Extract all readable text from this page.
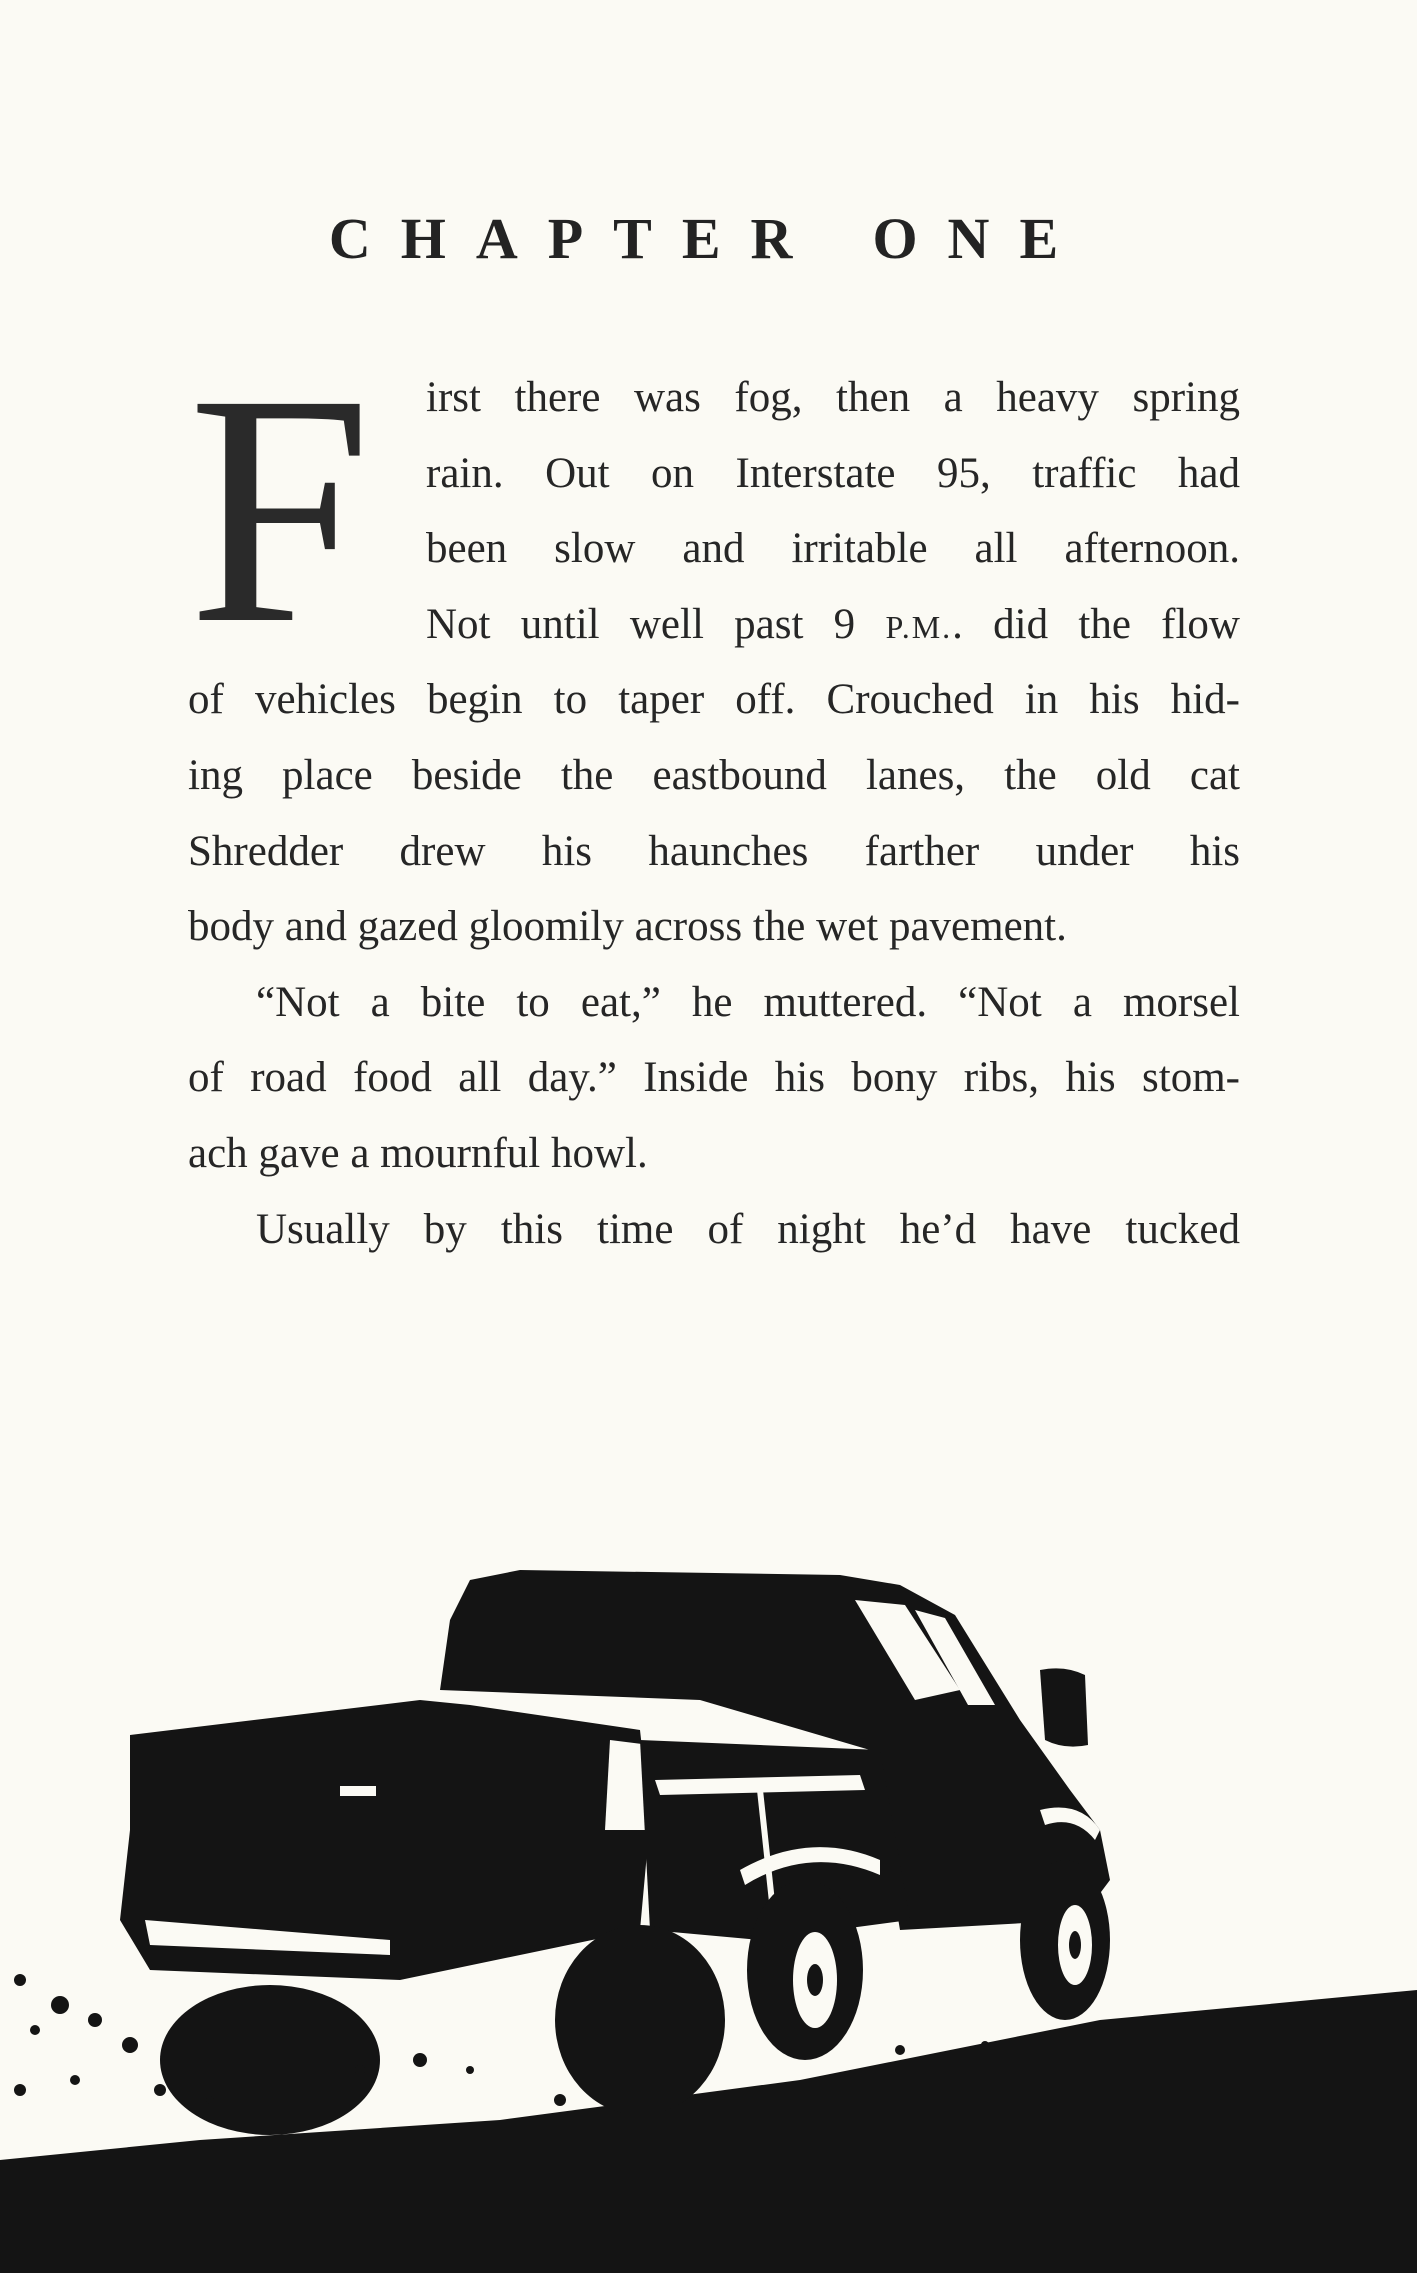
CHAPTER ONE
F irst there was fog, then a heavy spring
rain. Out on Interstate 95, traffic had
been slow and irritable all afternoon.
Not until well past 9 P.M.. did the flow
of vehicles begin to taper off. Crouched in his hid-
ing place beside the eastbound lanes, the old cat
Shredder drew his haunches farther under his
body and gazed gloomily across the wet pavement.
“Not a bite to eat,” he muttered. “Not a morsel
of road food all day.” Inside his bony ribs, his stom-
ach gave a mournful howl.
Usually by this time of night he’d have tucked
